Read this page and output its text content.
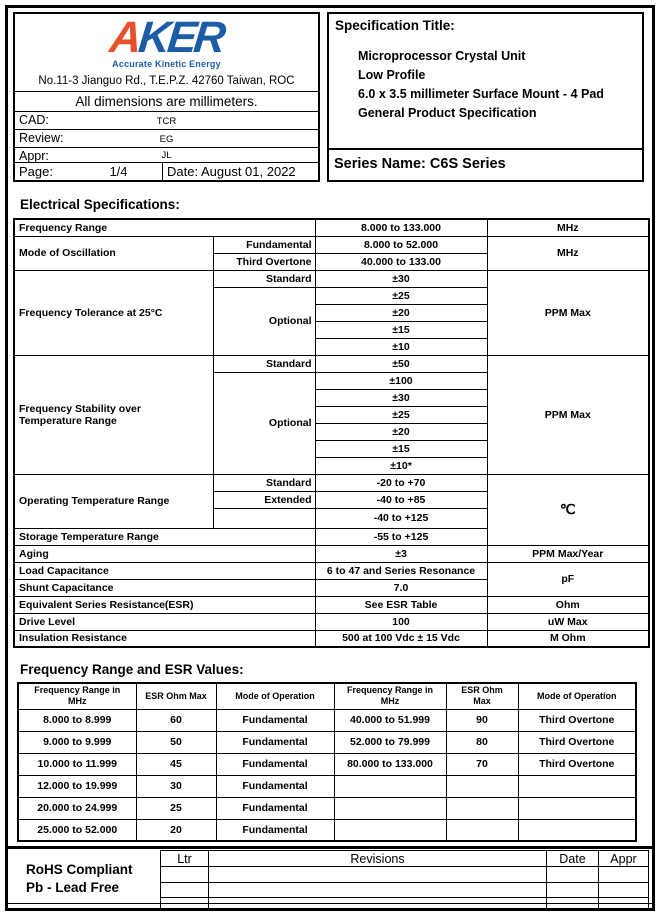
AKER
Accurate Kinetic Energy
No.11-3 Jianguo Rd., T.E.P.Z. 42760 Taiwan, ROC
All dimensions are millimeters.
CAD:	TCR
Review:	EG
Appr:	JL
Page:	1/4	Date: August 01, 2022
Specification Title:
Microprocessor Crystal Unit
Low Profile
6.0 x 3.5 millimeter Surface Mount - 4 Pad
General Product Specification
Series Name: C6S Series
Electrical Specifications:
Frequency Range		8.000 to 133.000	MHz
Mode of Oscillation	Fundamental	8.000 to 52.000	MHz
	Third Overtone	40.000 to 133.00	
Frequency Tolerance at 25°C	Standard	±30	PPM Max
	Optional	±25	
		±20	
		±15	
		±10	

Frequency Stability over
Temperature Range	Standard	±50	PPM Max
	Optional	±100	
		±30	
		±25	
		±20	
		±15	
		±10*	
Operating Temperature Range	Standard	-20 to +70	℃
	Extended	-40 to +85	
		-40 to +125	
Storage Temperature Range		-55 to +125	
Aging		±3	PPM Max/Year
Load Capacitance		6 to 47 and Series Resonance	pF
Shunt Capacitance		7.0	
Equivalent Series Resistance(ESR)		See ESR Table	Ohm
Drive Level		100	uW Max
Insulation Resistance		500 at 100 Vdc ± 15 Vdc	M Ohm
Frequency Range and ESR Values:
Frequency Range in MHz	ESR Ohm Max	Mode of Operation	Frequency Range in MHz	ESR Ohm Max	Mode of Operation
8.000 to 8.999	60	Fundamental	40.000 to 51.999	90	Third Overtone
9.000 to 9.999	50	Fundamental	52.000 to 79.999	80	Third Overtone
10.000 to 11.999	45	Fundamental	80.000 to 133.000	70	Third Overtone
12.000 to 19.999	30	Fundamental			
20.000 to 24.999	25	Fundamental			
25.000 to 52.000	20	Fundamental			
RoHS Compliant
Pb - Lead Free
Ltr	Revisions	Date	Appr
